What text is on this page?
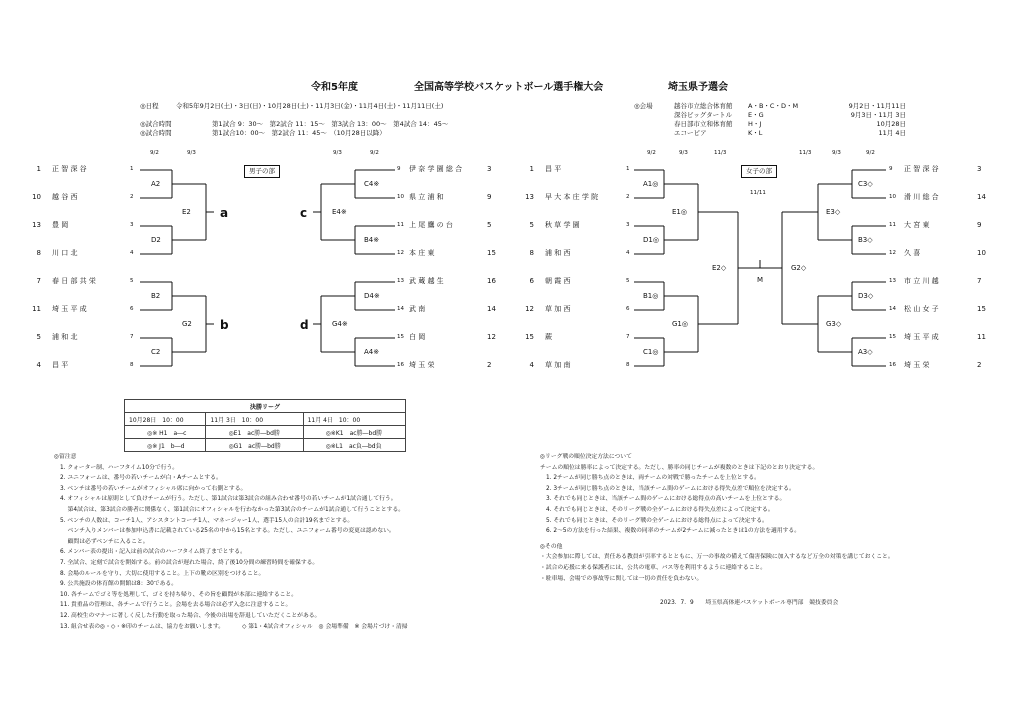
令和5年度	全国高等学校バスケットボール選手権大会	埼玉県予選会
◎日程	令和5年9月2日(土)・3日(日)・10月28日(土)・11月3日(金)・11月4日(土)・11月11日(土)
◎試合時間	第1試合 9：30～　第2試合 11：15～　第3試合 13：00～　第4試合 14：45～
◎試合時間	第1試合10：00～　第2試合 11：45～　（10月28日以降）
◎会場	越谷市立総合体育館 A・B・C・D・M	9月2日・11月11日
深谷ビッグタートル E・G	9月3日・11月 3日
春日部市立和体育館 H・J	10月28日
エコーピア	K・L	11月 4日
男子の部
9/2	9/3	9/3	9/2
1 正 智 深 谷	1
10 越 谷 西	2
13 豊 岡	3
8 川 口 北	4
7 春 日 部 共 栄	5
11 埼 玉 平 成	6
5 浦 和 北	7
4 昌 平	8
9 伊 奈 学 園 総 合	3
10 県 立 浦 和	9
11 上 尾 鷹 の 台	5
12 本 庄 東	15
13 武 蔵 越 生	16
14 武 南	14
15 白 岡	12
16 埼 玉 栄	2
A2
D2
B2
C2
E2
G2
a
b
C4※
B4※
D4※
A4※
E4※
G4※
c
d
女子の部
11/11
9/2	9/3	11/3	11/3	9/3	9/2
1 昌 平	1
13 早 大 本 庄 学 院	2
5 秋 草 学 園	3
8 浦 和 西	4
6 朝 霞 西	5
12 草 加 西	6
15 蕨	7
4 草 加 南	8
9 正 智 深 谷	3
10 滑 川 総 合	14
11 大 宮 東	9
12 久 喜	10
13 市 立 川 越	7
14 松 山 女 子	15
15 埼 玉 平 成	11
16 埼 玉 栄	2
A1◎
D1◎
B1◎
C1◎
E1◎
G1◎
E2◇
C3◇
B3◇
D3◇
A3◇
E3◇
G3◇
G2◇
M
決勝リーグ		
10月28日　10：00	11月 3日　10：00	11月 4日　10：00
◎※ H1　a―c	◎E1　ac勝―bd勝	◎※K1　ac勝―bd勝
◎※ J1　b―d	◎G1　ac勝―bd勝	◎※L1　ac負―bd負
◎留注意
1. クォーター制、ハーフタイム10分で行う。
2. ユニフォームは、番号の若いチームが白・Aチームとする。
3. ベンチは番号の若いチームがオフィシャル席に向かって右側とする。
4. オフィシャルは原則として負けチームが行う。ただし、第1試合は第3試合の組み合わせ番号の若いチームが1試合通して行う。
　 第4試合は、第3試合の勝者に関係なく、第1試合にオフィシャルを行わなかった第3試合のチームが1試合通して行うこととする。
5. ベンチの人数は、コーチ1人、アシスタントコーチ1人、マネージャー1人、選手15人の合計19名までとする。
　 ベンチ入りメンバーは参加申込書に記載されている25名の中から15名とする。ただし、ユニフォーム番号の変更は認めない。
　 顧問は必ずベンチに入ること。
6. メンバー表の提出・記入は前の試合のハーフタイム終了までとする。
7. 全試合、定刻で試合を開始する。前の試合が遅れた場合、終了後10分間の練習時間を確保する。
8. 会場のルールを守り、大切に使用すること。上下の靴の区別をつけること。
9. 公共施設の体育館の開館は8：30である。
10. 各チームでゴミ等を処理して、ゴミを持ち帰り、その旨を顧問が本部に連絡すること。
11. 貴重品の管理は、各チームで行うこと。会場を去る場合は必ず入念に注意すること。
12. 高校生のマナーに著しく反した行動を取った場合、今後の出場を辞退していただくことがある。
13. 組合せ表の◎・◇・※印のチームは、協力をお願いします。	◇ 第1・4試合オフィシャル　◎ 会場準備　※ 会場片づけ・清掃
◎リーグ戦の順位決定方法について
チームの順位は勝率によって決定する。ただし、勝率の同じチームが複数のときは下記のとおり決定する。
1. 2チームが同じ勝ち点のときは、両チームの対戦で勝ったチームを上位とする。
2. 3チームが同じ勝ち点のときは、当該チーム間のゲームにおける得失点差で順位を決定する。
3. それでも同じときは、当該チーム間のゲームにおける総得点の高いチームを上位とする。
4. それでも同じときは、そのリーグ戦の全ゲームにおける得失点差によって決定する。
5. それでも同じときは、そのリーグ戦の全ゲームにおける総得点によって決定する。
6. 2～5の方法を行った結果、複数の同率のチームが2チームに減ったときは1の方法を適用する。
◎その他
・大会参加に際しては、責任ある教員が引率するとともに、万一の事故の備えて傷害保険に加入するなど万全の対策を講じておくこと。
・試合の応援に来る保護者には、公共の電車、バス等を利用するように連絡すること。
・駐車場、会場での事故等に関しては一切の責任を負わない。
2023．7．9　　埼玉県高体連バスケットボール専門部　競技委員会
